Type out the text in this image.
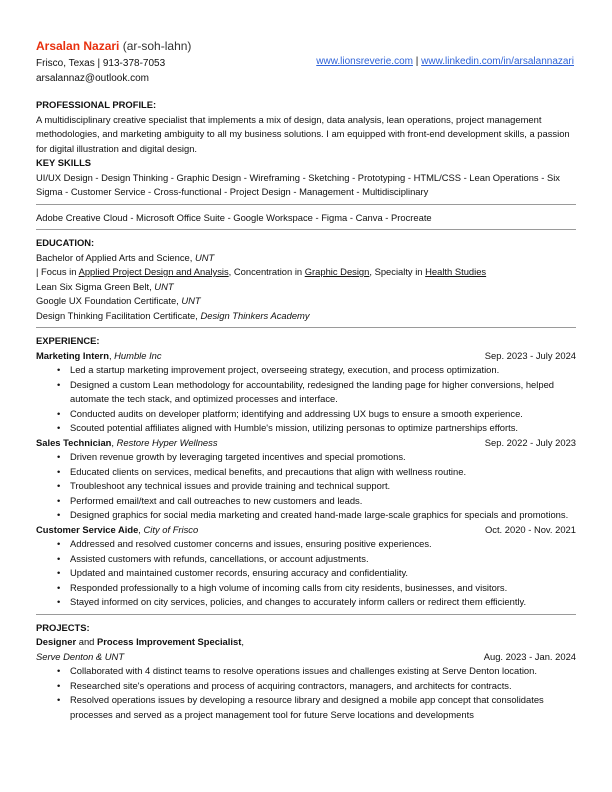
Arsalan Nazari (ar-soh-lahn)
Frisco, Texas | 913-378-7053
arsalannaz@outlook.com
www.lionsreverie.com | www.linkedin.com/in/arsalannazari
PROFESSIONAL PROFILE:

A multidisciplinary creative specialist that implements a mix of design, data analysis, lean operations, project management methodologies, and marketing ambiguity to all my business solutions. I am equipped with front-end development skills, a passion for digital illustration and digital design.

KEY SKILLS

UI/UX Design - Design Thinking - Graphic Design - Wireframing - Sketching - Prototyping - HTML/CSS - Lean Operations - Six Sigma - Customer Service - Cross-functional - Project Design - Management - Multidisciplinary

Adobe Creative Cloud - Microsoft Office Suite - Google Workspace - Figma - Canva - Procreate

EDUCATION:

Bachelor of Applied Arts and Science, UNT

| Focus in Applied Project Design and Analysis, Concentration in Graphic Design, Specialty in Health Studies

Lean Six Sigma Green Belt, UNT

Google UX Foundation Certificate, UNT

Design Thinking Facilitation Certificate, Design Thinkers Academy

EXPERIENCE:
Marketing Intern, Humble Inc	Sep. 2023 - July 2024
• Led a startup marketing improvement project, overseeing strategy, execution, and process optimization.
• Designed a custom Lean methodology for accountability, redesigned the landing page for higher conversions, helped automate the tech stack, and optimized processes and interface.
• Conducted audits on developer platform; identifying and addressing UX bugs to ensure a smooth experience.
• Scouted potential affiliates aligned with Humble's mission, utilizing personas to optimize partnerships efforts.
Sales Technician, Restore Hyper Wellness	Sep. 2022 - July 2023
• Driven revenue growth by leveraging targeted incentives and special promotions.
• Educated clients on services, medical benefits, and precautions that align with wellness routine.
• Troubleshoot any technical issues and provide training and technical support.
• Performed email/text and call outreaches to new customers and leads.
• Designed graphics for social media marketing and created hand-made large-scale graphics for specials and promotions.
Customer Service Aide, City of Frisco	Oct. 2020 - Nov. 2021
• Addressed and resolved customer concerns and issues, ensuring positive experiences.
• Assisted customers with refunds, cancellations, or account adjustments.
• Updated and maintained customer records, ensuring accuracy and confidentiality.
• Responded professionally to a high volume of incoming calls from city residents, businesses, and visitors.
• Stayed informed on city services, policies, and changes to accurately inform callers or redirect them efficiently.
PROJECTS:

Designer and Process Improvement Specialist,

Serve Denton & UNT	Aug. 2023 - Jan. 2024
• Collaborated with 4 distinct teams to resolve operations issues and challenges existing at Serve Denton location.
• Researched site's operations and process of acquiring contractors, managers, and architects for contracts.
• Resolved operations issues by developing a resource library and designed a mobile app concept that consolidates processes and served as a project management tool for future Serve locations and developments
